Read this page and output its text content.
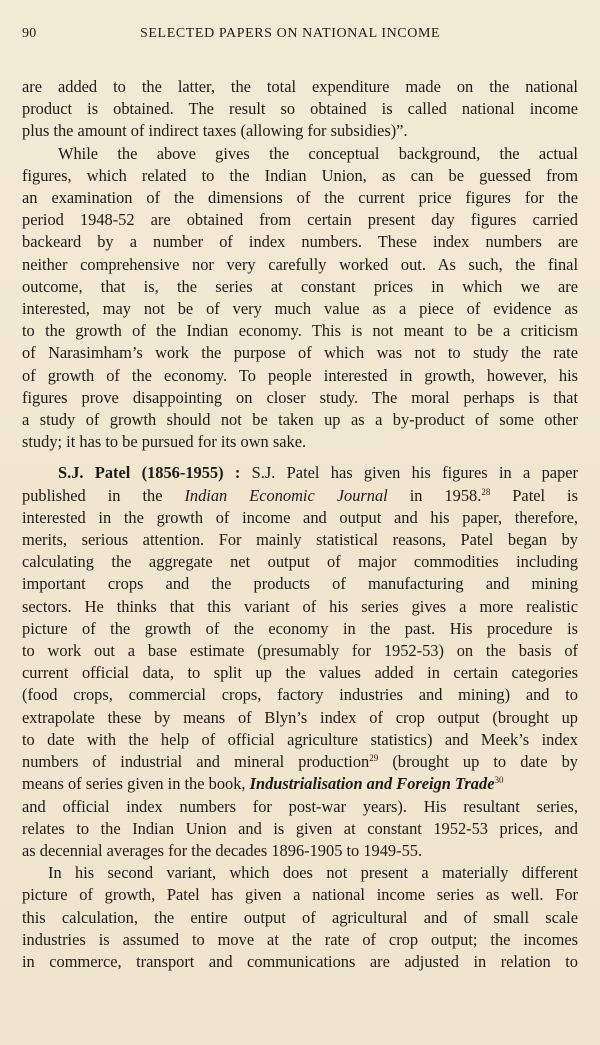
90	SELECTED PAPERS ON NATIONAL INCOME

are added to the latter, the total expenditure made on the national
product is obtained. The result so obtained is called national income
plus the amount of indirect taxes (allowing for subsidies)”.

While the above gives the conceptual background, the actual
figures, which related to the Indian Union, as can be guessed from
an examination of the dimensions of the current price figures for the
period 1948-52 are obtained from certain present day figures carried
backeard by a number of index numbers. These index numbers are
neither comprehensive nor very carefully worked out. As such, the final
outcome, that is, the series at constant prices in which we are
interested, may not be of very much value as a piece of evidence as
to the growth of the Indian economy. This is not meant to be a criticism
of Narasimham’s work the purpose of which was not to study the rate
of growth of the economy. To people interested in growth, however, his
figures prove disappointing on closer study. The moral perhaps is that
a study of growth should not be taken up as a by-product of some other
study; it has to be pursued for its own sake.

S.J. Patel (1856-1955) : S.J. Patel has given his figures in a paper
published in the Indian Economic Journal in 1958.28 Patel is
interested in the growth of income and output and his paper, therefore,
merits, serious attention. For mainly statistical reasons, Patel began by
calculating the aggregate net output of major commodities including
important crops and the products of manufacturing and mining
sectors. He thinks that this variant of his series gives a more realistic
picture of the growth of the economy in the past. His procedure is
to work out a base estimate (presumably for 1952-53) on the basis of
current official data, to split up the values added in certain categories
(food crops, commercial crops, factory industries and mining) and to
extrapolate these by means of Blyn’s index of crop output (brought up
to date with the help of official agriculture statistics) and Meek’s index
numbers of industrial and mineral production$^{29}$ (brought up to date by
means of series given in the book, Industrialisation and Foreign Trade$^{30}$
and official index numbers for post-war years). His resultant series,
relates to the Indian Union and is given at constant 1952-53 prices, and
as decennial averages for the decades 1896-1905 to 1949-55.

In his second variant, which does not present a materially different
picture of growth, Patel has given a national income series as well. For
this calculation, the entire output of agricultural and of small scale
industries is assumed to move at the rate of crop output; the incomes
in commerce, transport and communications are adjusted in relation to
